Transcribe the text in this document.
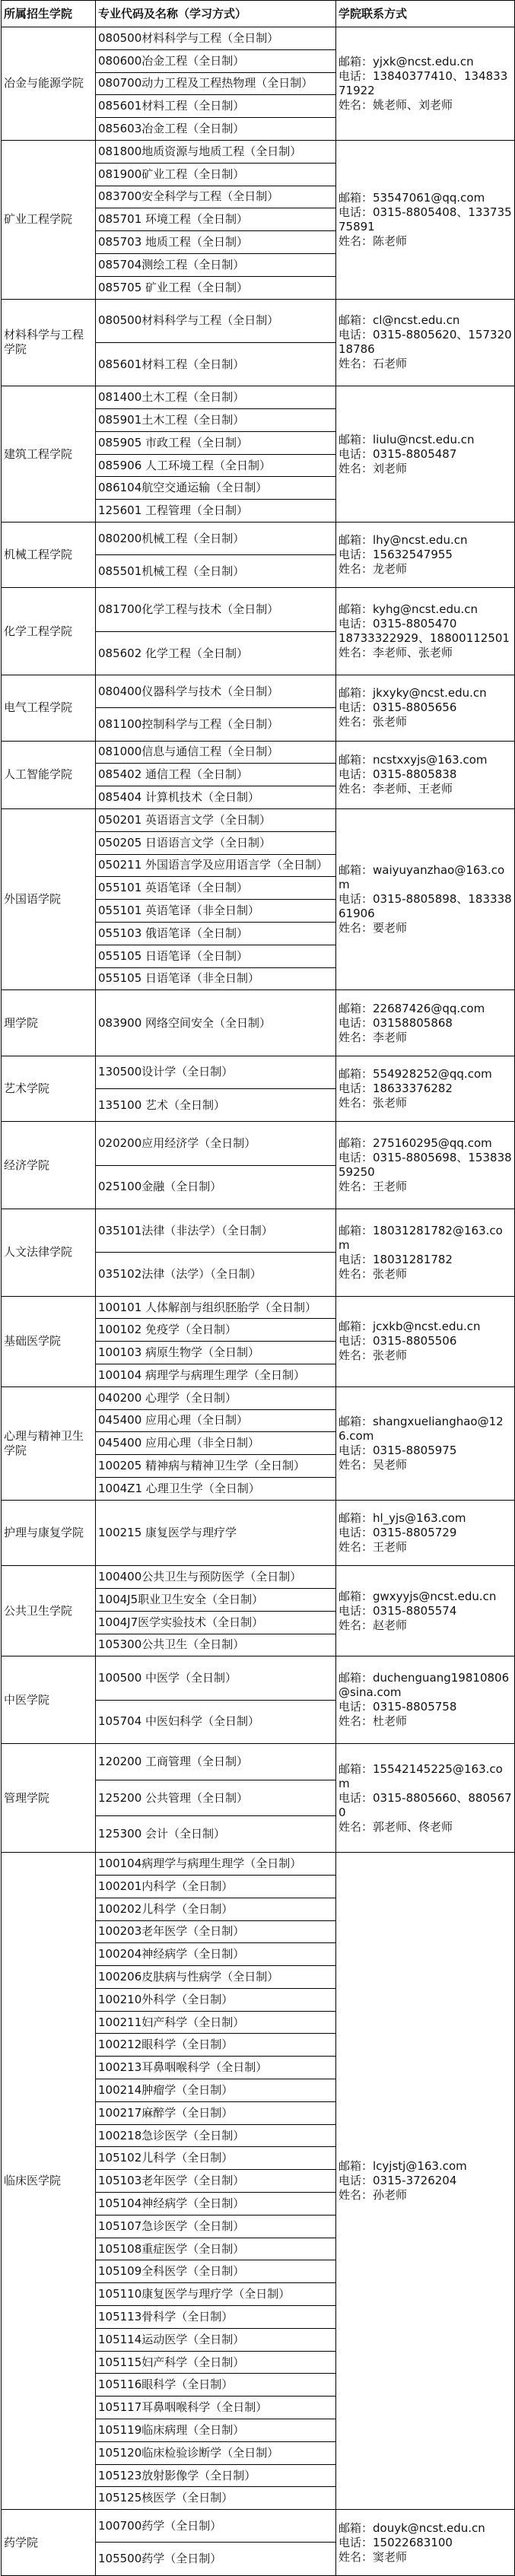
所属招生学院	专业代码及名称（学习方式）	学院联系方式
冶金与能源学院	080500材料科学与工程（全日制）	邮箱：yjxk@ncst.edu.cn
电话：13840377410、13483371922
姓名：姚老师、刘老师

	080600冶金工程（全日制）	
	080700动力工程及工程热物理（全日制）	
	085601材料工程（全日制）	
	085603冶金工程（全日制）	
矿业工程学院	081800地质资源与地质工程（全日制）	邮箱：53547061@qq.com
电话：0315-8805408、13373575891
姓名：陈老师

	081900矿业工程（全日制）	
	083700安全科学与工程（全日制）	
	085701 环境工程（全日制）	
	085703 地质工程（全日制）	
	085704测绘工程（全日制）	
	085705 矿业工程（全日制）	
材料科学与工程学院	080500材料科学与工程（全日制）	邮箱：cl@ncst.edu.cn
电话：0315-8805620、15732018786
姓名：石老师

	085601材料工程（全日制）	
建筑工程学院	081400土木工程（全日制）	邮箱：liulu@ncst.edu.cn
电话：0315-8805487
姓名：刘老师

	085901土木工程（全日制）	
	085905 市政工程（全日制）	
	085906 人工环境工程（全日制）	
	086104航空交通运输（全日制）	
	125601 工程管理（全日制）	
机械工程学院	080200机械工程（全日制）	邮箱：lhy@ncst.edu.cn
电话：15632547955
姓名：龙老师

	085501机械工程（全日制）	
化学工程学院	081700化学工程与技术（全日制）	邮箱：kyhg@ncst.edu.cn
电话：0315-8805470
18733322929、18800112501
姓名：李老师、张老师

	085602 化学工程（全日制）	
电气工程学院	080400仪器科学与技术（全日制）	邮箱：jkxyky@ncst.edu.cn
电话：0315-8805656
姓名：张老师

	081100控制科学与工程（全日制）	
人工智能学院	081000信息与通信工程（全日制）	邮箱：ncstxxyjs@163.com
电话：0315-8805838
姓名：李老师、王老师

	085402 通信工程（全日制）	
	085404 计算机技术（全日制）	
外国语学院	050201 英语语言文学（全日制）	邮箱：waiyuyanzhao@163.com
电话：0315-8805898、18333861906
姓名：要老师

	050205 日语语言文学（全日制）	
	050211 外国语言学及应用语言学（全日制）	
	055101 英语笔译（全日制）	
	055101 英语笔译（非全日制）	
	055103 俄语笔译（全日制）	
	055105 日语笔译（全日制）	
	055105 日语笔译（非全日制）	
理学院	083900 网络空间安全（全日制）	邮箱：22687426@qq.com
电话：03158805868
姓名：李老师

艺术学院	130500设计学（全日制）	邮箱：554928252@qq.com
电话：18633376282
姓名：张老师

	135100 艺术（全日制）	
经济学院	020200应用经济学（全日制）	邮箱：275160295@qq.com
电话：0315-8805698、15383859250
姓名：王老师

	025100金融（全日制）	
人文法律学院	035101法律（非法学）（全日制）	邮箱：18031281782@163.com
电话：18031281782
姓名：张老师

	035102法律（法学）（全日制）	
基础医学院	100101 人体解剖与组织胚胎学（全日制）	邮箱：jcxkb@ncst.edu.cn
电话：0315-8805506
姓名：张老师

	100102 免疫学（全日制）	
	100103 病原生物学（全日制）	
	100104 病理学与病理生理学（全日制）	
心理与精神卫生学院	040200 心理学（全日制）	邮箱：shangxuelianghao@126.com
电话：0315-8805975
姓名：吴老师

	045400 应用心理（全日制）	
	045400 应用心理（非全日制）	
	100205 精神病与精神卫生学（全日制）	
	1004Z1 心理卫生学（全日制）	
护理与康复学院	100215 康复医学与理疗学	邮箱：hl_yjs@163.com
电话：0315-8805729
姓名：王老师

公共卫生学院	100400公共卫生与预防医学（全日制）	邮箱：gwxyyjs@ncst.edu.cn
电话：0315-8805574
姓名：赵老师

	1004J5职业卫生安全（全日制）	
	1004J7医学实验技术（全日制）	
	105300公共卫生（全日制）	
中医学院	100500 中医学（全日制）	邮箱：duchenguang19810806@sina.com
电话：0315-8805758
姓名：杜老师

	105704 中医妇科学（全日制）	
管理学院	120200 工商管理（全日制）	邮箱：15542145225@163.com
电话：0315-8805660、8805670
姓名：郭老师、佟老师

	125200 公共管理（全日制）	
	125300 会计（全日制）	
临床医学院	100104病理学与病理生理学（全日制）	邮箱：lcyjstj@163.com
电话：0315-3726204
姓名：孙老师

	100201内科学（全日制）	
	100202儿科学（全日制）	
	100203老年医学（全日制）	
	100204神经病学（全日制）	
	100206皮肤病与性病学（全日制）	
	100210外科学（全日制）	
	100211妇产科学（全日制）	
	100212眼科学（全日制）	
	100213耳鼻咽喉科学（全日制）	
	100214肿瘤学（全日制）	
	100217麻醉学（全日制）	
	100218急诊医学（全日制）	
	105102儿科学（全日制）	
	105103老年医学（全日制）	
	105104神经病学（全日制）	
	105107急诊医学（全日制）	
	105108重症医学（全日制）	
	105109全科医学（全日制）	
	105110康复医学与理疗学（全日制）	
	105113骨科学（全日制）	
	105114运动医学（全日制）	
	105115妇产科学（全日制）	
	105116眼科学（全日制）	
	105117耳鼻咽喉科学（全日制）	
	105119临床病理（全日制）	
	105120临床检验诊断学（全日制）	
	105123放射影像学（全日制）	
	105125核医学（全日制）	
药学院	100700药学（全日制）	邮箱：douyk@ncst.edu.cn
电话：15022683100
姓名：窦老师

	105500药学（全日制）	
